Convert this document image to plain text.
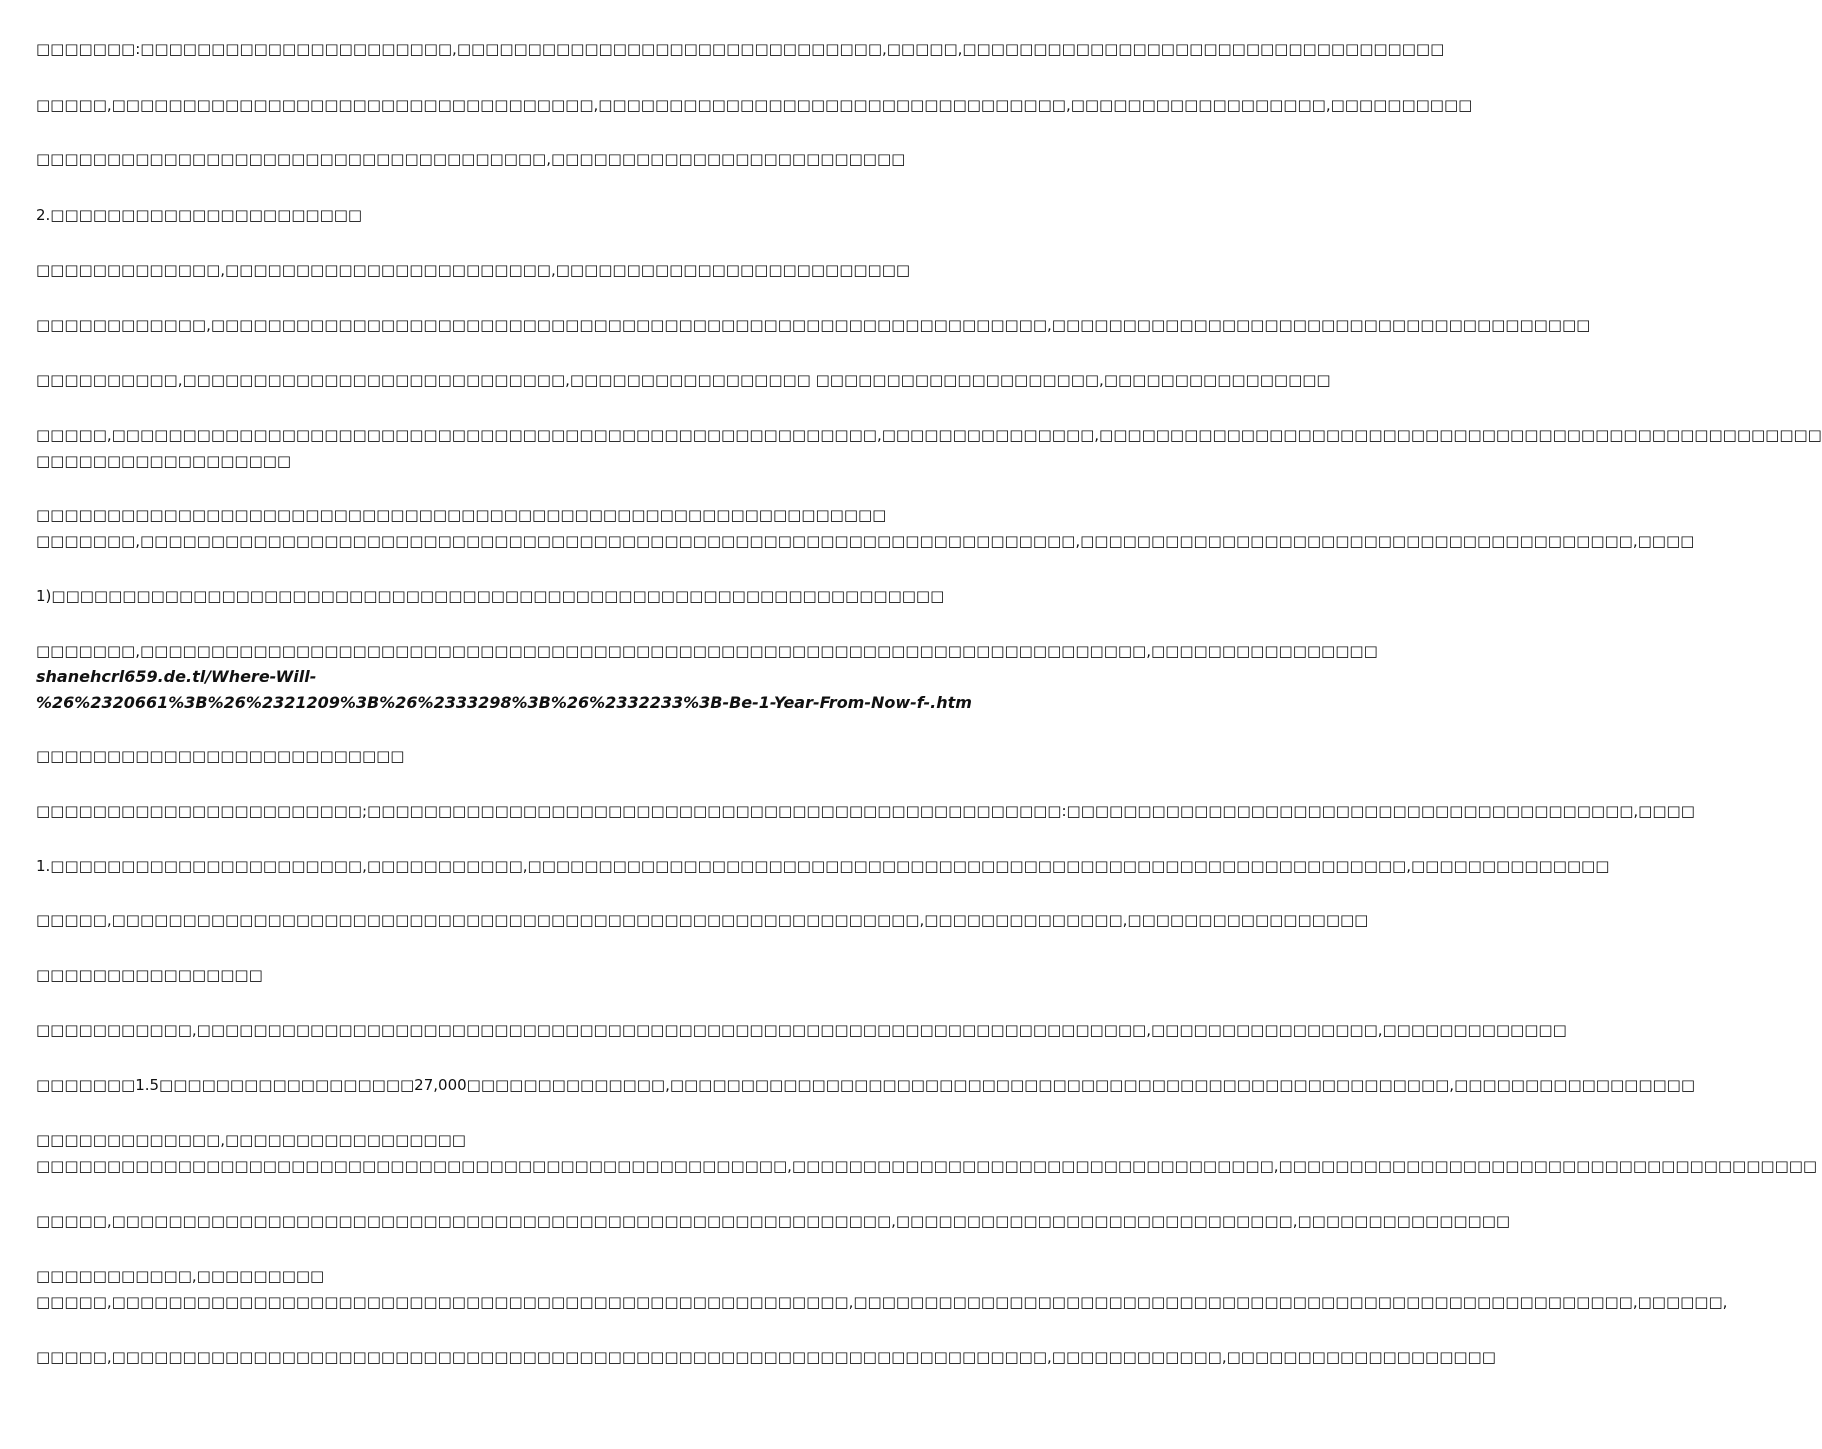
□□□□□□□:□□□□□□□□□□□□□□□□□□□□□□,□□□□□□□□□□□□□□□□□□□□□□□□□□□□□□,□□□□□,□□□□□□□□□□□□□□□□□□□□□□□□□□□□□□□□□□
□□□□□,□□□□□□□□□□□□□□□□□□□□□□□□□□□□□□□□□□,□□□□□□□□□□□□□□□□□□□□□□□□□□□□□□□□□,□□□□□□□□□□□□□□□□□□,□□□□□□□□□□
□□□□□□□□□□□□□□□□□□□□□□□□□□□□□□□□□□□□,□□□□□□□□□□□□□□□□□□□□□□□□□
2.□□□□□□□□□□□□□□□□□□□□□□
□□□□□□□□□□□□□,□□□□□□□□□□□□□□□□□□□□□□□,□□□□□□□□□□□□□□□□□□□□□□□□□
□□□□□□□□□□□□,□□□□□□□□□□□□□□□□□□□□□□□□□□□□□□□□□□□□□□□□□□□□□□□□□□□□□□□□□□□,□□□□□□□□□□□□□□□□□□□□□□□□□□□□□□□□□□□□□□
□□□□□□□□□□,□□□□□□□□□□□□□□□□□□□□□□□□□□□,□□□□□□□□□□□□□□□□□ □□□□□□□□□□□□□□□□□□□□,□□□□□□□□□□□□□□□□
□□□□□,□□□□□□□□□□□□□□□□□□□□□□□□□□□□□□□□□□□□□□□□□□□□□□□□□□□□□□,□□□□□□□□□□□□□□□,□□□□□□□□□□□□□□□□□□□□□□□□□□□□□□□□□□□□□□□□□□□□□□□□□□□
□□□□□□□□□□□□□□□□□□
□□□□□□□□□□□□□□□□□□□□□□□□□□□□□□□□□□□□□□□□□□□□□□□□□□□□□□□□□□□□
□□□□□□□,□□□□□□□□□□□□□□□□□□□□□□□□□□□□□□□□□□□□□□□□□□□□□□□□□□□□□□□□□□□□□□□□□□,□□□□□□□□□□□□□□□□□□□□□□□□□□□□□□□□□□□□□□□,□□□□
1)□□□□□□□□□□□□□□□□□□□□□□□□□□□□□□□□□□□□□□□□□□□□□□□□□□□□□□□□□□□□□□□
□□□□□□□,□□□□□□□□□□□□□□□□□□□□□□□□□□□□□□□□□□□□□□□□□□□□□□□□□□□□□□□□□□□□□□□□□□□□□□□,□□□□□□□□□□□□□□□□
shanehcrl659.de.tl/Where-Will-%26%2320661%3B%26%2321209%3B%26%2333298%3B%26%2332233%3B-Be-1-Year-From-Now-f-.htm
□□□□□□□□□□□□□□□□□□□□□□□□□□
□□□□□□□□□□□□□□□□□□□□□□□;□□□□□□□□□□□□□□□□□□□□□□□□□□□□□□□□□□□□□□□□□□□□□□□□□:□□□□□□□□□□□□□□□□□□□□□□□□□□□□□□□□□□□□□□□□,□□□□
1.□□□□□□□□□□□□□□□□□□□□□□,□□□□□□□□□□□,□□□□□□□□□□□□□□□□□□□□□□□□□□□□□□□□□□□□□□□□□□□□□□□□□□□□□□□□□□□□□□,□□□□□□□□□□□□□□
□□□□□,□□□□□□□□□□□□□□□□□□□□□□□□□□□□□□□□□□□□□□□□□□□□□□□□□□□□□□□□□,□□□□□□□□□□□□□□,□□□□□□□□□□□□□□□□□
□□□□□□□□□□□□□□□□
□□□□□□□□□□□,□□□□□□□□□□□□□□□□□□□□□□□□□□□□□□□□□□□□□□□□□□□□□□□□□□□□□□□□□□□□□□□□□□□,□□□□□□□□□□□□□□□□,□□□□□□□□□□□□□
□□□□□□□1.5□□□□□□□□□□□□□□□□□□27,000□□□□□□□□□□□□□□,□□□□□□□□□□□□□□□□□□□□□□□□□□□□□□□□□□□□□□□□□□□□□□□□□□□□□□□,□□□□□□□□□□□□□□□□□
□□□□□□□□□□□□□,□□□□□□□□□□□□□□□□□
□□□□□□□□□□□□□□□□□□□□□□□□□□□□□□□□□□□□□□□□□□□□□□□□□□□□□,□□□□□□□□□□□□□□□□□□□□□□□□□□□□□□□□□□,□□□□□□□□□□□□□□□□□□□□□□□□□□□□□□□□□□□□□□
□□□□□,□□□□□□□□□□□□□□□□□□□□□□□□□□□□□□□□□□□□□□□□□□□□□□□□□□□□□□□,□□□□□□□□□□□□□□□□□□□□□□□□□□□□,□□□□□□□□□□□□□□□
□□□□□□□□□□□,□□□□□□□□□
□□□□□,□□□□□□□□□□□□□□□□□□□□□□□□□□□□□□□□□□□□□□□□□□□□□□□□□□□□,□□□□□□□□□□□□□□□□□□□□□□□□□□□□□□□□□□□□□□□□□□□□□□□□□□□□□□□,□□□□□□,
□□□□□,□□□□□□□□□□□□□□□□□□□□□□□□□□□□□□□□□□□□□□□□□□□□□□□□□□□□□□□□□□□□□□□□□□,□□□□□□□□□□□□,□□□□□□□□□□□□□□□□□□□
